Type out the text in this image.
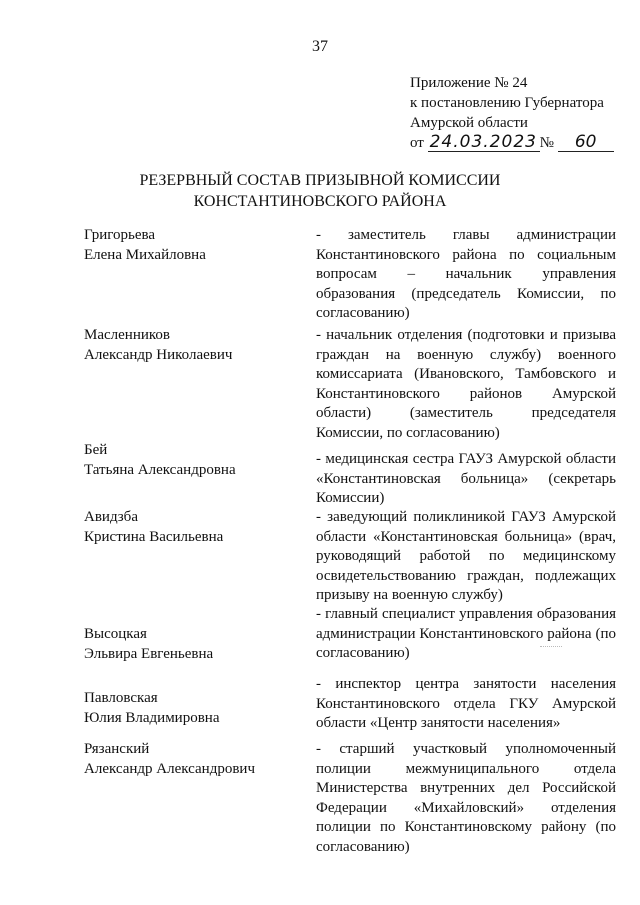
37
Приложение № 24
к постановлению Губернатора
Амурской области
от 24.03.2023 № 60
РЕЗЕРВНЫЙ СОСТАВ ПРИЗЫВНОЙ КОМИССИИ
КОНСТАНТИНОВСКОГО РАЙОНА
Григорьева
Елена Михайловна
- заместитель главы администрации Константиновского района по социальным вопросам – начальник управления образования (председатель Комиссии, по согласованию)
Масленников
Александр Николаевич
- начальник отделения (подготовки и призыва граждан на военную службу) военного комиссариата (Ивановского, Тамбовского и Константиновского районов Амурской области) (заместитель председателя Комиссии, по согласованию)
Бей
Татьяна Александровна
- медицинская сестра ГАУЗ Амурской области «Константиновская больница» (секретарь Комиссии)
Авидзба
Кристина Васильевна
- заведующий поликлиникой ГАУЗ Амурской области «Константиновская больница» (врач, руководящий работой по медицинскому освидетельствованию граждан, подлежащих призыву на военную службу)
Высоцкая
Эльвира Евгеньевна
- главный специалист управления образования администрации Константиновского района (по согласованию)
Павловская
Юлия Владимировна
- инспектор центра занятости населения Константиновского отдела ГКУ Амурской области «Центр занятости населения»
Рязанский
Александр Александрович
- старший участковый уполномоченный полиции межмуниципального отдела Министерства внутренних дел Российской Федерации «Михайловский» отделения полиции по Константиновскому району (по согласованию)
